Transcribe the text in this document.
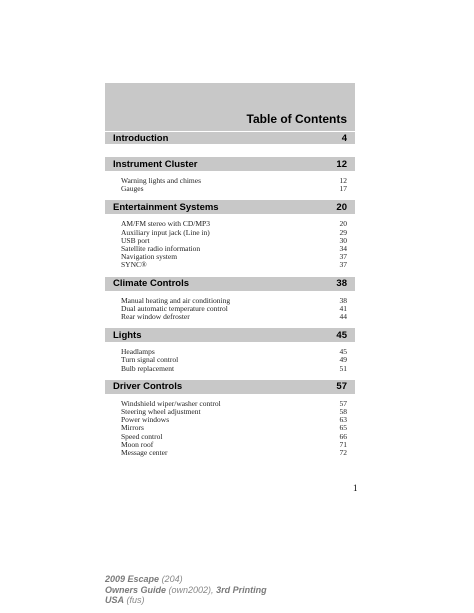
Table of Contents
Introduction	4
Instrument Cluster	12
Warning lights and chimes	12
Gauges	17
Entertainment Systems	20
AM/FM stereo with CD/MP3	20
Auxiliary input jack (Line in)	29
USB port	30
Satellite radio information	34
Navigation system	37
SYNC®	37
Climate Controls	38
Manual heating and air conditioning	38
Dual automatic temperature control	41
Rear window defroster	44
Lights	45
Headlamps	45
Turn signal control	49
Bulb replacement	51
Driver Controls	57
Windshield wiper/washer control	57
Steering wheel adjustment	58
Power windows	63
Mirrors	65
Speed control	66
Moon roof	71
Message center	72
1
2009 Escape (204)
Owners Guide (own2002), 3rd Printing
USA (fus)
